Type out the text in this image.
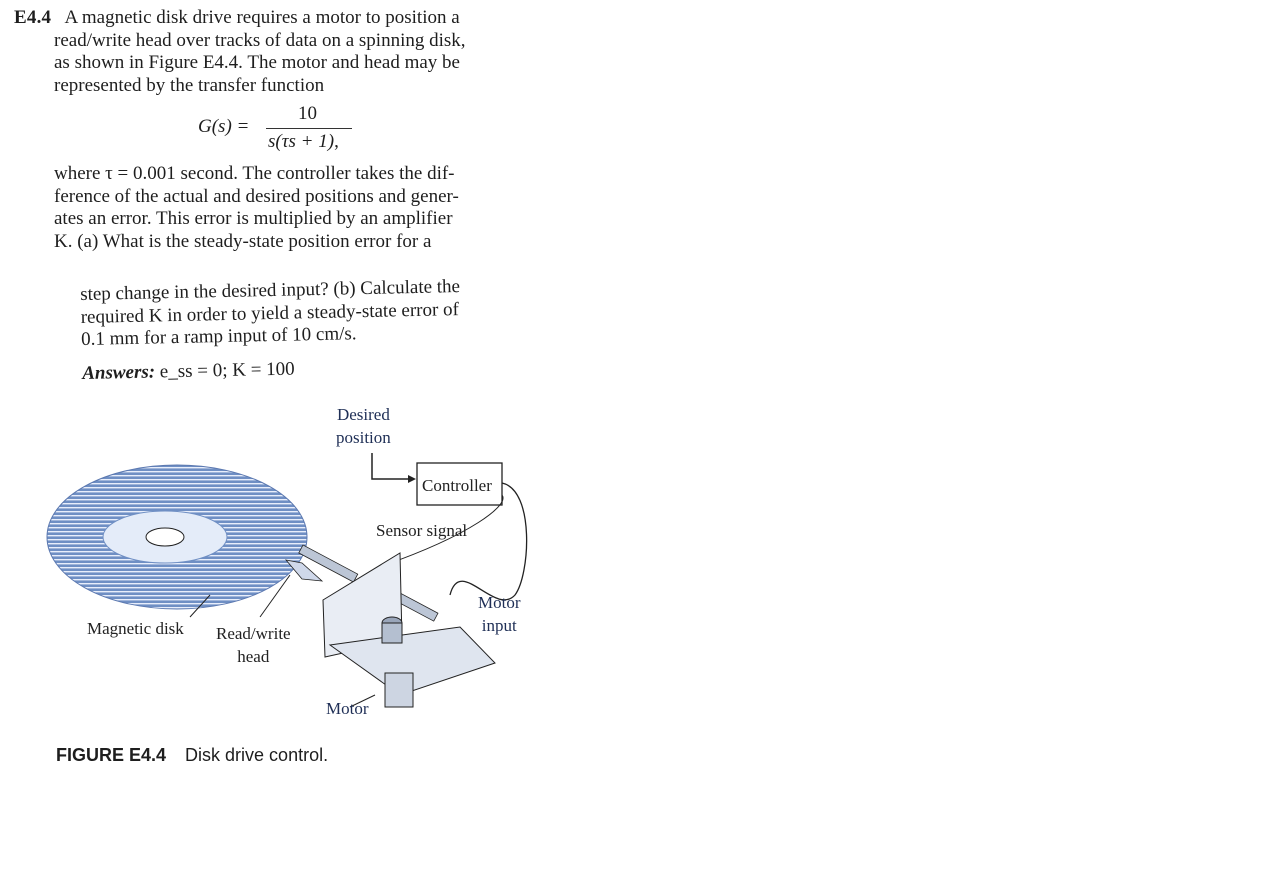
E4.4 A magnetic disk drive requires a motor to position a
read/write head over tracks of data on a spinning disk,
as shown in Figure E4.4. The motor and head may be
represented by the transfer function
G(s) =
10
s(τs + 1),
where τ = 0.001 second. The controller takes the dif-
ference of the actual and desired positions and gener-
ates an error. This error is multiplied by an amplifier
K. (a) What is the steady-state position error for a
step change in the desired input? (b) Calculate the
required K in order to yield a steady-state error of
0.1 mm for a ramp input of 10 cm/s.
Answers: e_ss = 0; K = 100
Desired
position
Controller
Sensor signal
Motor
input
Magnetic disk Read/write
head
Motor
FIGURE E4.4 Disk drive control.
